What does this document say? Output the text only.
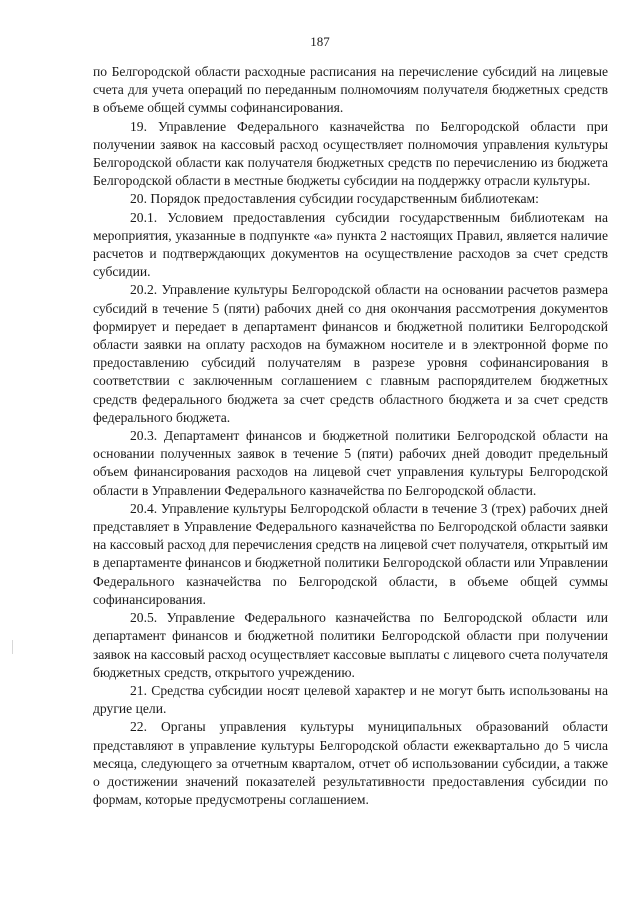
187

по Белгородской области расходные расписания на перечисление субсидий на лицевые счета для учета операций по переданным полномочиям получателя бюджетных средств в объеме общей суммы софинансирования.

19. Управление Федерального казначейства по Белгородской области при получении заявок на кассовый расход осуществляет полномочия управления культуры Белгородской области как получателя бюджетных средств по перечислению из бюджета Белгородской области в местные бюджеты субсидии на поддержку отрасли культуры.

20. Порядок предоставления субсидии государственным библиотекам:

20.1. Условием предоставления субсидии государственным библиотекам на мероприятия, указанные в подпункте «а» пункта 2 настоящих Правил, является наличие расчетов и подтверждающих документов на осуществление расходов за счет средств субсидии.

20.2. Управление культуры Белгородской области на основании расчетов размера субсидий в течение 5 (пяти) рабочих дней со дня окончания рассмотрения документов формирует и передает в департамент финансов и бюджетной политики Белгородской области заявки на оплату расходов на бумажном носителе и в электронной форме по предоставлению субсидий получателям в разрезе уровня софинансирования в соответствии с заключенным соглашением с главным распорядителем бюджетных средств федерального бюджета за счет средств областного бюджета и за счет средств федерального бюджета.

20.3. Департамент финансов и бюджетной политики Белгородской области на основании полученных заявок в течение 5 (пяти) рабочих дней доводит предельный объем финансирования расходов на лицевой счет управления культуры Белгородской области в Управлении Федерального казначейства по Белгородской области.

20.4. Управление культуры Белгородской области в течение 3 (трех) рабочих дней представляет в Управление Федерального казначейства по Белгородской области заявки на кассовый расход для перечисления средств на лицевой счет получателя, открытый им в департаменте финансов и бюджетной политики Белгородской области или Управлении Федерального казначейства по Белгородской области, в объеме общей суммы софинансирования.

20.5. Управление Федерального казначейства по Белгородской области или департамент финансов и бюджетной политики Белгородской области при получении заявок на кассовый расход осуществляет кассовые выплаты с лицевого счета получателя бюджетных средств, открытого учреждению.

21. Средства субсидии носят целевой характер и не могут быть использованы на другие цели.

22. Органы управления культуры муниципальных образований области представляют в управление культуры Белгородской области ежеквартально до 5 числа месяца, следующего за отчетным кварталом, отчет об использовании субсидии, а также о достижении значений показателей результативности предоставления субсидии по формам, которые предусмотрены соглашением.
